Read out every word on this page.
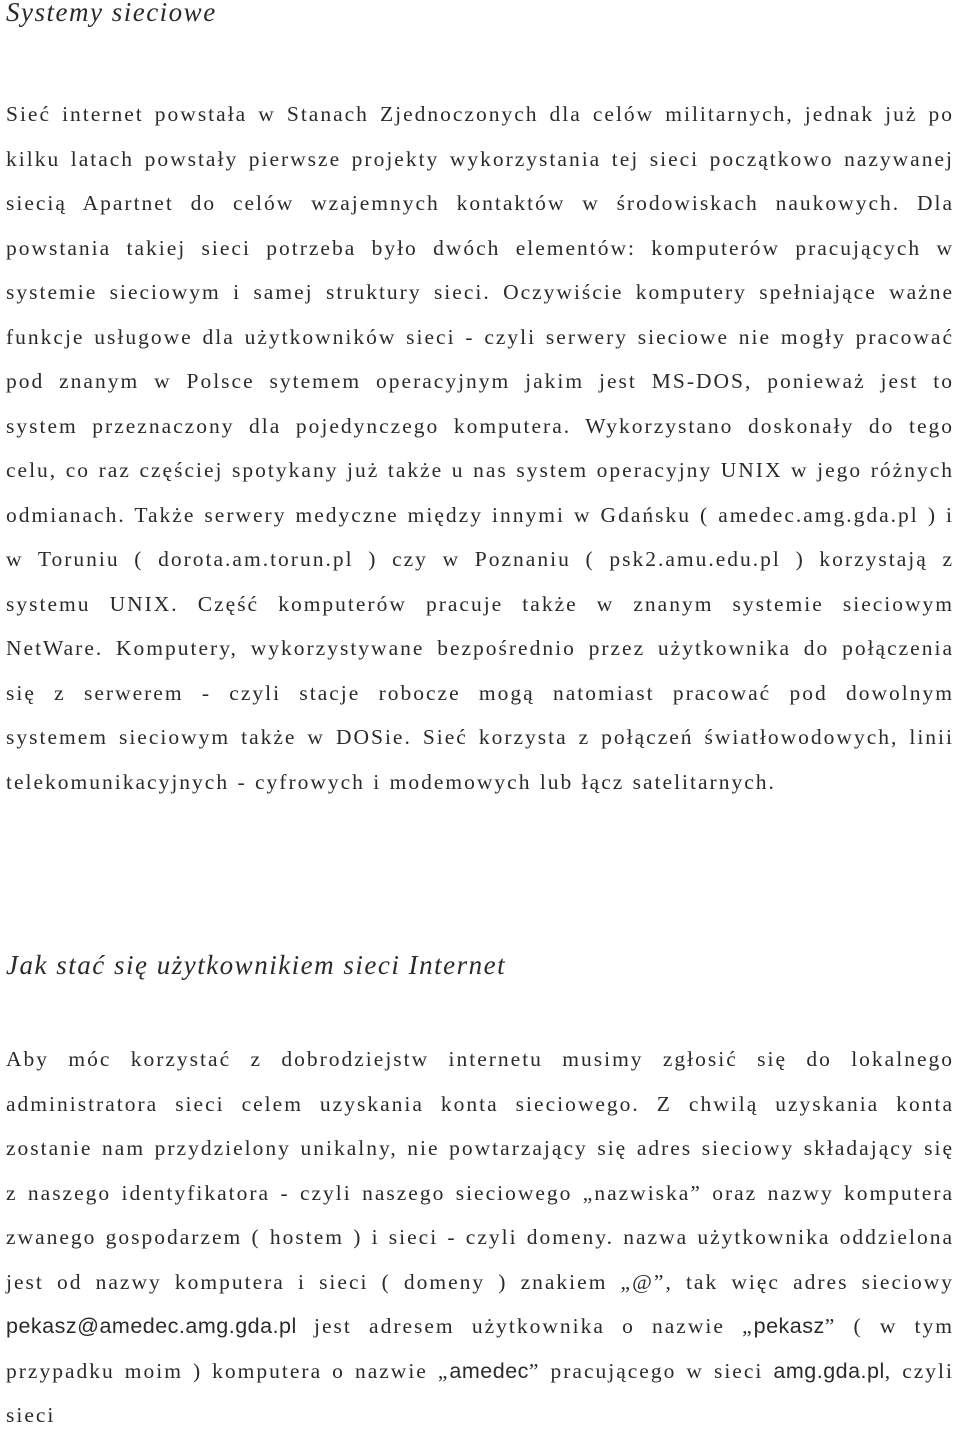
Systemy sieciowe

Sieć internet powstała w Stanach Zjednoczonych dla celów militarnych, jednak już po kilku latach powstały pierwsze projekty wykorzystania tej sieci początkowo nazywanej siecią Apartnet do celów wzajemnych kontaktów w środowiskach naukowych. Dla powstania takiej sieci potrzeba było dwóch elementów: komputerów pracujących w systemie sieciowym i samej struktury sieci. Oczywiście komputery spełniające ważne funkcje usługowe dla użytkowników sieci - czyli serwery sieciowe nie mogły pracować pod znanym w Polsce sytemem operacyjnym jakim jest MS-DOS, ponieważ jest to system przeznaczony dla pojedynczego komputera. Wykorzystano doskonały do tego celu, co raz częściej spotykany już także u nas system operacyjny UNIX w jego różnych odmianach. Także serwery medyczne między innymi w Gdańsku ( amedec.amg.gda.pl ) i w Toruniu ( dorota.am.torun.pl ) czy w Poznaniu ( psk2.amu.edu.pl ) korzystają z systemu UNIX. Część komputerów pracuje także w znanym systemie sieciowym NetWare. Komputery, wykorzystywane bezpośrednio przez użytkownika do połączenia się z serwerem - czyli stacje robocze mogą natomiast pracować pod dowolnym systemem sieciowym także w DOSie. Sieć korzysta z połączeń światłowodowych, linii telekomunikacyjnych - cyfrowych i modemowych lub łącz satelitarnych.

Jak stać się użytkownikiem sieci Internet

Aby móc korzystać z dobrodziejstw internetu musimy zgłosić się do lokalnego administratora sieci celem uzyskania konta sieciowego. Z chwilą uzyskania konta zostanie nam przydzielony unikalny, nie powtarzający się adres sieciowy składający się z naszego identyfikatora - czyli naszego sieciowego „nazwiska” oraz nazwy komputera zwanego gospodarzem ( hostem ) i sieci - czyli domeny. nazwa użytkownika oddzielona jest od nazwy komputera i sieci ( domeny ) znakiem „@”, tak więc adres sieciowy pekasz@amedec.amg.gda.pl jest adresem użytkownika o nazwie „pekasz” ( w tym przypadku moim ) komputera o nazwie „amedec” pracującego w sieci amg.gda.pl, czyli sieci
